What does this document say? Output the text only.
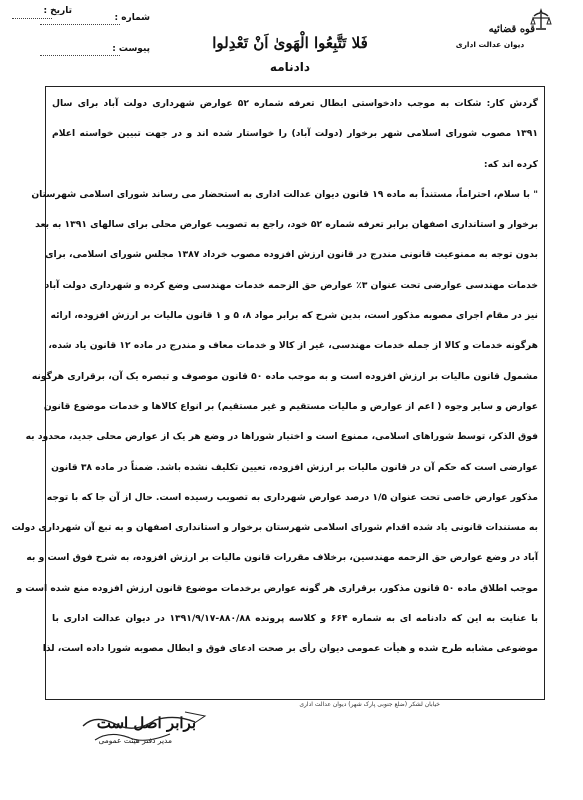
تاریخ :
شماره :
پیوست :
قوه قضائیه
دیوان عدالت اداری
فَلا تَتَّبِعُوا الْهَوىٰ اَنْ تَعْدِلوا
دادنامه
گردش کار: شکات به موجب دادخواستی ابطال تعرفه شماره ۵۲ عوارض شهرداری دولت آباد برای سال
۱۳۹۱ مصوب شورای اسلامی شهر برخوار (دولت آباد) را خواستار شده اند و در جهت تبیین خواسته اعلام
کرده اند که:
" با سلام، احتراماً، مستنداً به ماده ۱۹ قانون دیوان عدالت اداری به استحضار می رساند شورای اسلامی شهرستان
برخوار و استانداری اصفهان برابر تعرفه شماره ۵۲ خود، راجع به تصویب عوارض محلی برای سالهای ۱۳۹۱ به بعد
بدون توجه به ممنوعیت قانونی مندرج در قانون ارزش افزوده مصوب خرداد ۱۳۸۷ مجلس شورای اسلامی، برای
خدمات مهندسی عوارضی تحت عنوان ۳٪ عوارض حق الزحمه خدمات مهندسی وضع کرده و شهرداری دولت آباد
نیز در مقام اجرای مصوبه مذکور است، بدین شرح که برابر مواد ۸، ۵ و ۱ قانون مالیات بر ارزش افزوده، ارائه
هرگونه خدمات و کالا از جمله خدمات مهندسی، غیر از کالا و خدمات معاف و مندرج در ماده ۱۲ قانون یاد شده،
مشمول قانون مالیات بر ارزش افزوده است و به موجب ماده ۵۰ قانون موصوف و تبصره یک آن، برقراری هرگونه
عوارض و سایر وجوه ( اعم از عوارض و مالیات مستقیم و غیر مستقیم) بر انواع کالاها و خدمات موضوع قانون
فوق الذکر، توسط شوراهای اسلامی، ممنوع است و اختیار شوراها در وضع هر یک از عوارض محلی جدید، محدود به
عوارضی است که حکم آن در قانون مالیات بر ارزش افزوده، تعیین تکلیف نشده باشد. ضمناً در ماده ۳۸ قانون
مذکور عوارض خاصی تحت عنوان ۱/۵ درصد عوارض شهرداری به تصویب رسیده است. حال از آن جا که با توجه
به مستندات قانونی یاد شده اقدام شورای اسلامی شهرستان برخوار و استانداری اصفهان و به تبع آن شهرداری دولت
آباد در وضع عوارض حق الزحمه مهندسین، برخلاف مقررات قانون مالیات بر ارزش افزوده، به شرح فوق است و به
موجب اطلاق ماده ۵۰ قانون مذکور، برقراری هر گونه عوارض برخدمات موضوع قانون ارزش افزوده منع شده است و
با عنایت به این که دادنامه ای به شماره ۶۶۴ و کلاسه پرونده ۸۸۰/۸۸-۱۳۹۱/۹/۱۷ در دیوان عدالت اداری با
موضوعی مشابه طرح شده و هیأت عمومی دیوان رأی بر صحت ادعای فوق و ابطال مصوبه شورا داده است، لذا
خیابان لشکر (ضلع جنوبی پارک شهر) دیوان عدالت اداری
برابر اصل است
مدیر دفتر هیئت عمومی
